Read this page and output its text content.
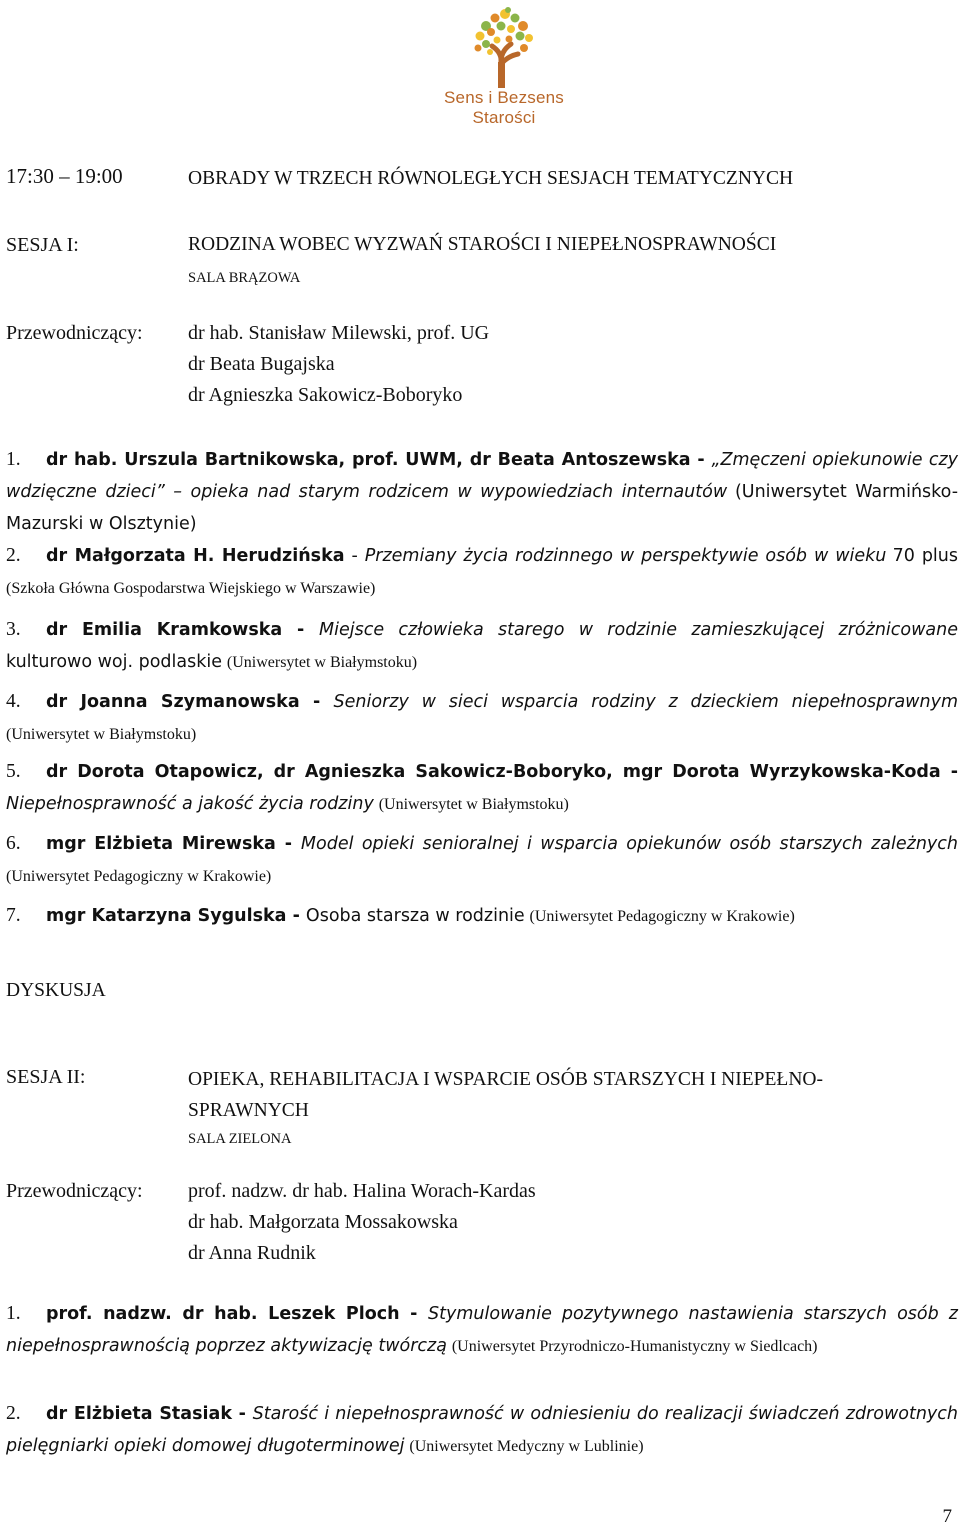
Sens i Bezsens
Starości
17:30 – 19:00	OBRADY W TRZECH RÓWNOLEGŁYCH SESJACH TEMATYCZNYCH
SESJA I:	RODZINA WOBEC WYZWAŃ STAROŚCI I NIEPEŁNOSPRAWNOŚCI
SALA BRĄZOWA
Przewodniczący: dr hab. Stanisław Milewski, prof. UG
dr Beata Bugajska
dr Agnieszka Sakowicz-Boboryko
1. dr hab. Urszula Bartnikowska, prof. UWM, dr Beata Antoszewska - „Zmęczeni opiekunowie czy wdzięczne dzieci” – opieka nad starym rodzicem w wypowiedziach internautów (Uniwersytet Warmińsko-Mazurski w Olsztynie)
2. dr Małgorzata H. Herudzińska - Przemiany życia rodzinnego w perspektywie osób w wieku 70 plus (Szkoła Główna Gospodarstwa Wiejskiego w Warszawie)
3. dr Emilia Kramkowska - Miejsce człowieka starego w rodzinie zamieszkującej zróżnicowane kulturowo woj. podlaskie (Uniwersytet w Białymstoku)
4. dr Joanna Szymanowska - Seniorzy w sieci wsparcia rodziny z dzieckiem niepełnosprawnym (Uniwersytet w Białymstoku)
5. dr Dorota Otapowicz, dr Agnieszka Sakowicz-Boboryko, mgr Dorota Wyrzykowska-Koda - Niepełnosprawność a jakość życia rodziny (Uniwersytet w Białymstoku)
6. mgr Elżbieta Mirewska - Model opieki senioralnej i wsparcia opiekunów osób starszych zależnych (Uniwersytet Pedagogiczny w Krakowie)
7. mgr Katarzyna Sygulska - Osoba starsza w rodzinie (Uniwersytet Pedagogiczny w Krakowie)
DYSKUSJA
SESJA II:	OPIEKA, REHABILITACJA I WSPARCIE OSÓB STARSZYCH I NIEPEŁNO-SPRAWNYCH
SALA ZIELONA
Przewodniczący: prof. nadzw. dr hab. Halina Worach-Kardas
dr hab. Małgorzata Mossakowska
dr Anna Rudnik
1. prof. nadzw. dr hab. Leszek Ploch - Stymulowanie pozytywnego nastawienia starszych osób z niepełnosprawnością poprzez aktywizację twórczą (Uniwersytet Przyrodniczo-Humanistyczny w Siedlcach)
2. dr Elżbieta Stasiak - Starość i niepełnosprawność w odniesieniu do realizacji świadczeń zdrowotnych pielęgniarki opieki domowej długoterminowej (Uniwersytet Medyczny w Lublinie)
7
